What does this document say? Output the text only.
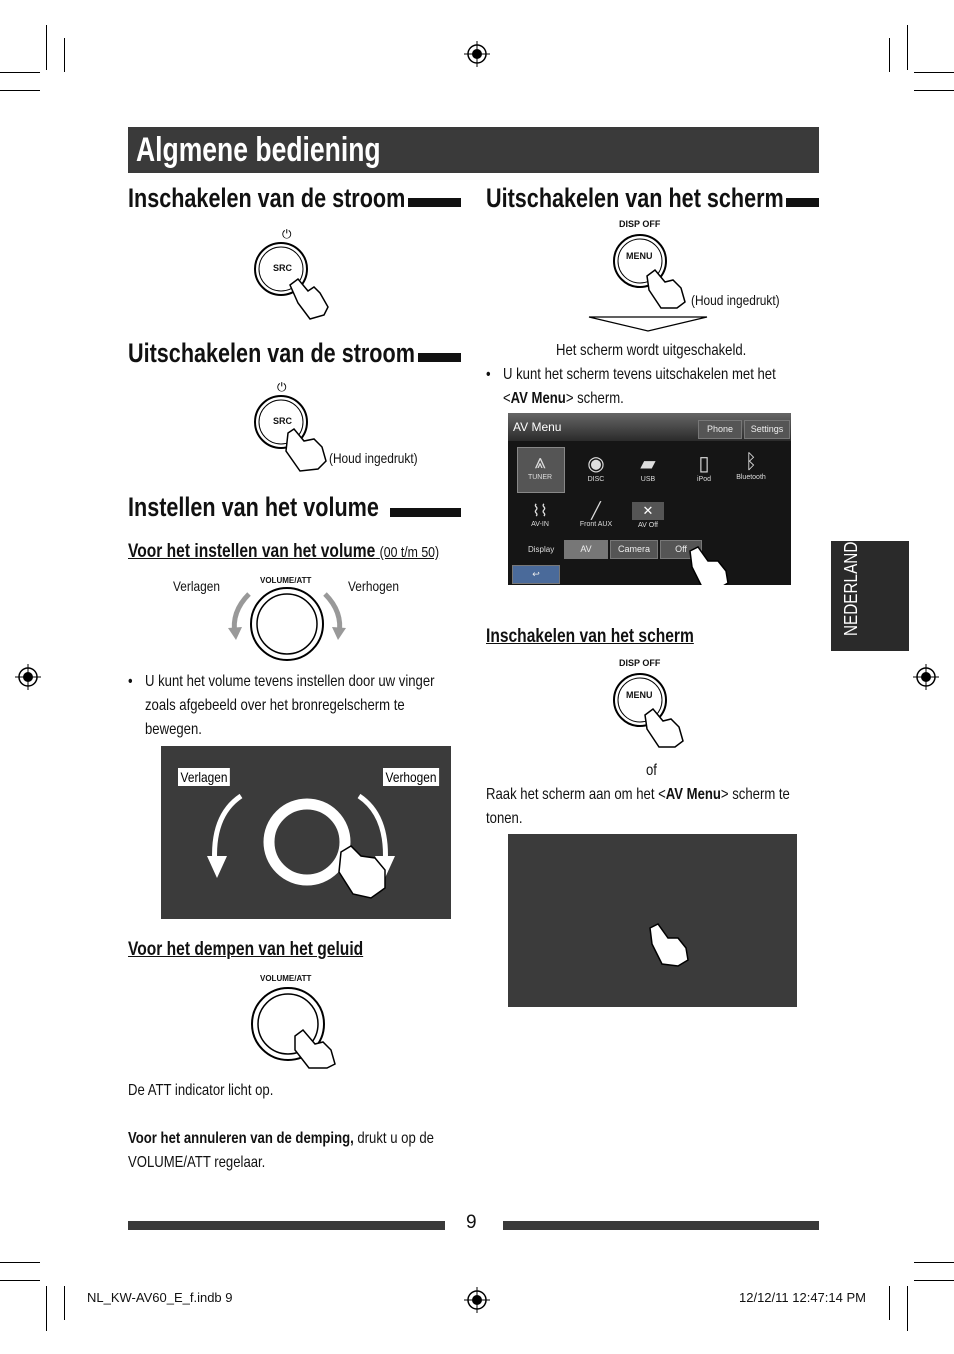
Algmene bediening
Inschakelen van de stroom
⏻
SRC
Uitschakelen van de stroom
⏻
SRC
(Houd ingedrukt)
Instellen van het volume
Voor het instellen van het volume (00 t/m 50)
VOLUME/ATT
Verlagen	Verhogen
• U kunt het volume tevens instellen door uw vinger
zoals afgebeeld over het bronregelscherm te
bewegen.
Verlagen	Verhogen
Voor het dempen van het geluid
VOLUME/ATT
De ATT indicator licht op.
Voor het annuleren van de demping, drukt u op de
VOLUME/ATT regelaar.
Uitschakelen van het scherm
DISP OFF
MENU
(Houd ingedrukt)
Het scherm wordt uitgeschakeld.
• U kunt het scherm tevens uitschakelen met het
<AV Menu> scherm.
AV Menu	Phone	Settings
⩓
TUNER
◉
DISC
▰
USB
▯
iPod
ᛒ
Bluetooth
⌇⌇
AV-IN
╱
Front AUX
✕
AV Off
Display	AV	Camera	Off
↩
Inschakelen van het scherm
DISP OFF
MENU
of
Raak het scherm aan om het <AV Menu> scherm te
tonen.
NEDERLANDS
9
NL_KW-AV60_E_f.indb 9	12/12/11 12:47:14 PM
